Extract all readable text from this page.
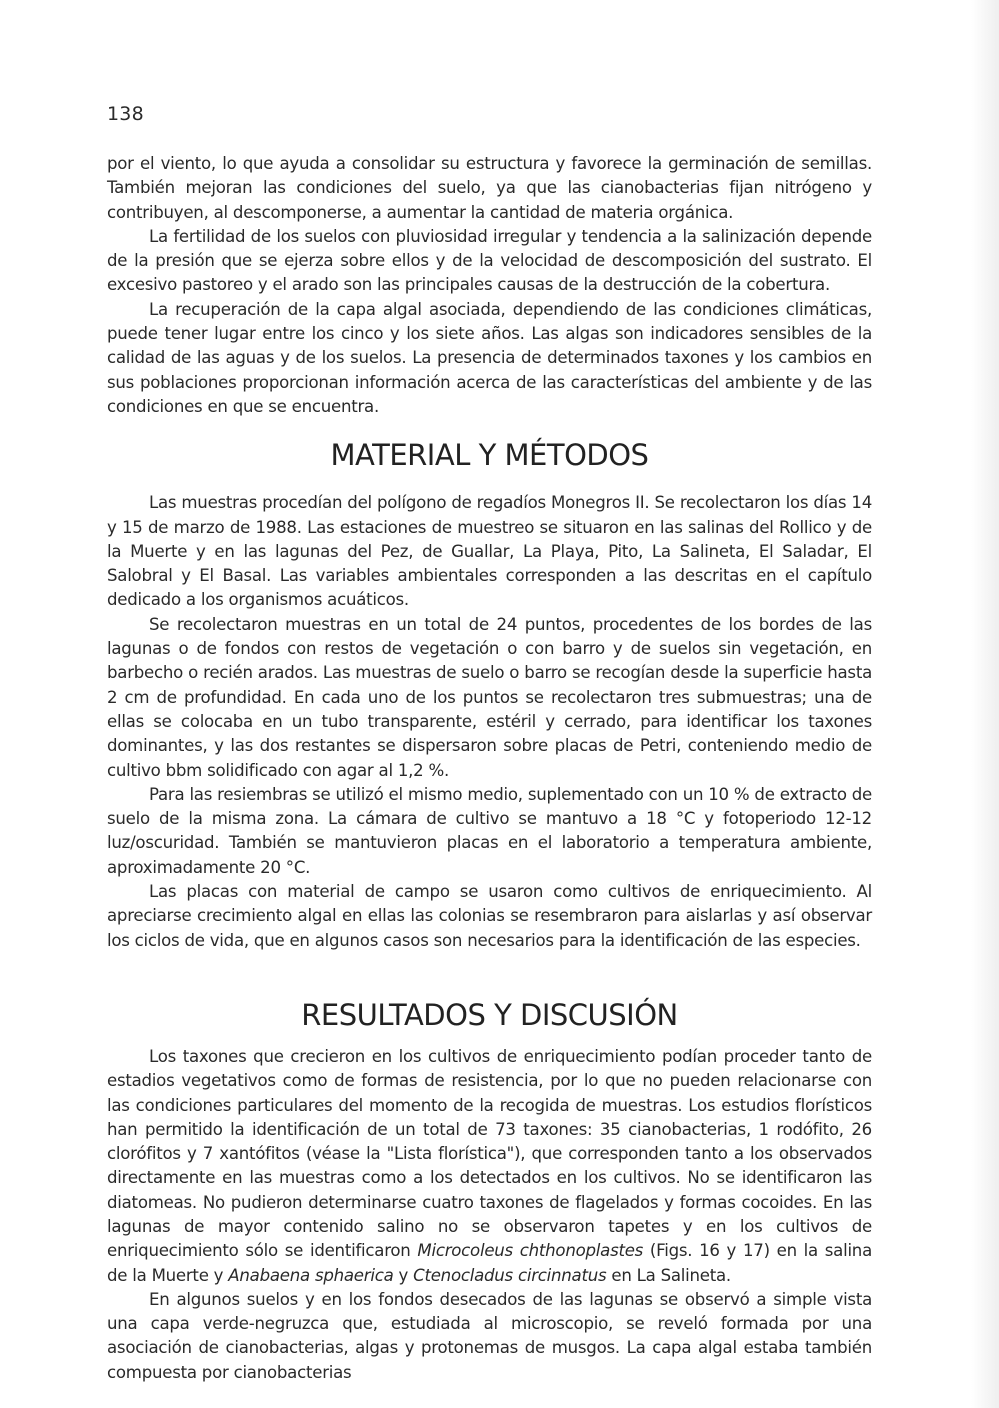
138

por el viento, lo que ayuda a consolidar su estructura y favorece la germinación de semillas. También mejoran las condiciones del suelo, ya que las cianobacterias fijan nitrógeno y contribuyen, al descomponerse, a aumentar la cantidad de materia orgánica.

La fertilidad de los suelos con pluviosidad irregular y tendencia a la salinización depende de la presión que se ejerza sobre ellos y de la velocidad de descomposición del sustrato. El excesivo pastoreo y el arado son las principales causas de la destrucción de la cobertura.

La recuperación de la capa algal asociada, dependiendo de las condiciones climáticas, puede tener lugar entre los cinco y los siete años. Las algas son indicadores sensibles de la calidad de las aguas y de los suelos. La presencia de determinados taxones y los cambios en sus poblaciones proporcionan información acerca de las características del ambiente y de las condiciones en que se encuentra.

MATERIAL Y MÉTODOS

Las muestras procedían del polígono de regadíos Monegros II. Se recolectaron los días 14 y 15 de marzo de 1988. Las estaciones de muestreo se situaron en las salinas del Rollico y de la Muerte y en las lagunas del Pez, de Guallar, La Playa, Pito, La Salineta, El Saladar, El Salobral y El Basal. Las variables ambientales corresponden a las descritas en el capítulo dedicado a los organismos acuáticos.

Se recolectaron muestras en un total de 24 puntos, procedentes de los bordes de las lagunas o de fondos con restos de vegetación o con barro y de suelos sin vegetación, en barbecho o recién arados. Las muestras de suelo o barro se recogían desde la superficie hasta 2 cm de profundidad. En cada uno de los puntos se recolectaron tres submuestras; una de ellas se colocaba en un tubo transparente, estéril y cerrado, para identificar los taxones dominantes, y las dos restantes se dispersaron sobre placas de Petri, conteniendo medio de cultivo bbm solidificado con agar al 1,2 %.

Para las resiembras se utilizó el mismo medio, suplementado con un 10 % de extracto de suelo de la misma zona. La cámara de cultivo se mantuvo a 18 °C y fotoperiodo 12-12 luz/oscuridad. También se mantuvieron placas en el laboratorio a temperatura ambiente, aproximadamente 20 °C.

Las placas con material de campo se usaron como cultivos de enriquecimiento. Al apreciarse crecimiento algal en ellas las colonias se resembraron para aislarlas y así observar los ciclos de vida, que en algunos casos son necesarios para la identificación de las especies.

RESULTADOS Y DISCUSIÓN

Los taxones que crecieron en los cultivos de enriquecimiento podían proceder tanto de estadios vegetativos como de formas de resistencia, por lo que no pueden relacionarse con las condiciones particulares del momento de la recogida de muestras. Los estudios florísticos han permitido la identificación de un total de 73 taxones: 35 cianobacterias, 1 rodófito, 26 clorófitos y 7 xantófitos (véase la "Lista florística"), que corresponden tanto a los observados directamente en las muestras como a los detectados en los cultivos. No se identificaron las diatomeas. No pudieron determinarse cuatro taxones de flagelados y formas cocoides. En las lagunas de mayor contenido salino no se observaron tapetes y en los cultivos de enriquecimiento sólo se identificaron Microcoleus chthonoplastes (Figs. 16 y 17) en la salina de la Muerte y Anabaena sphaerica y Ctenocladus circinnatus en La Salineta.

En algunos suelos y en los fondos desecados de las lagunas se observó a simple vista una capa verde-negruzca que, estudiada al microscopio, se reveló formada por una asociación de cianobacterias, algas y protonemas de musgos. La capa algal estaba también compuesta por cianobacterias
